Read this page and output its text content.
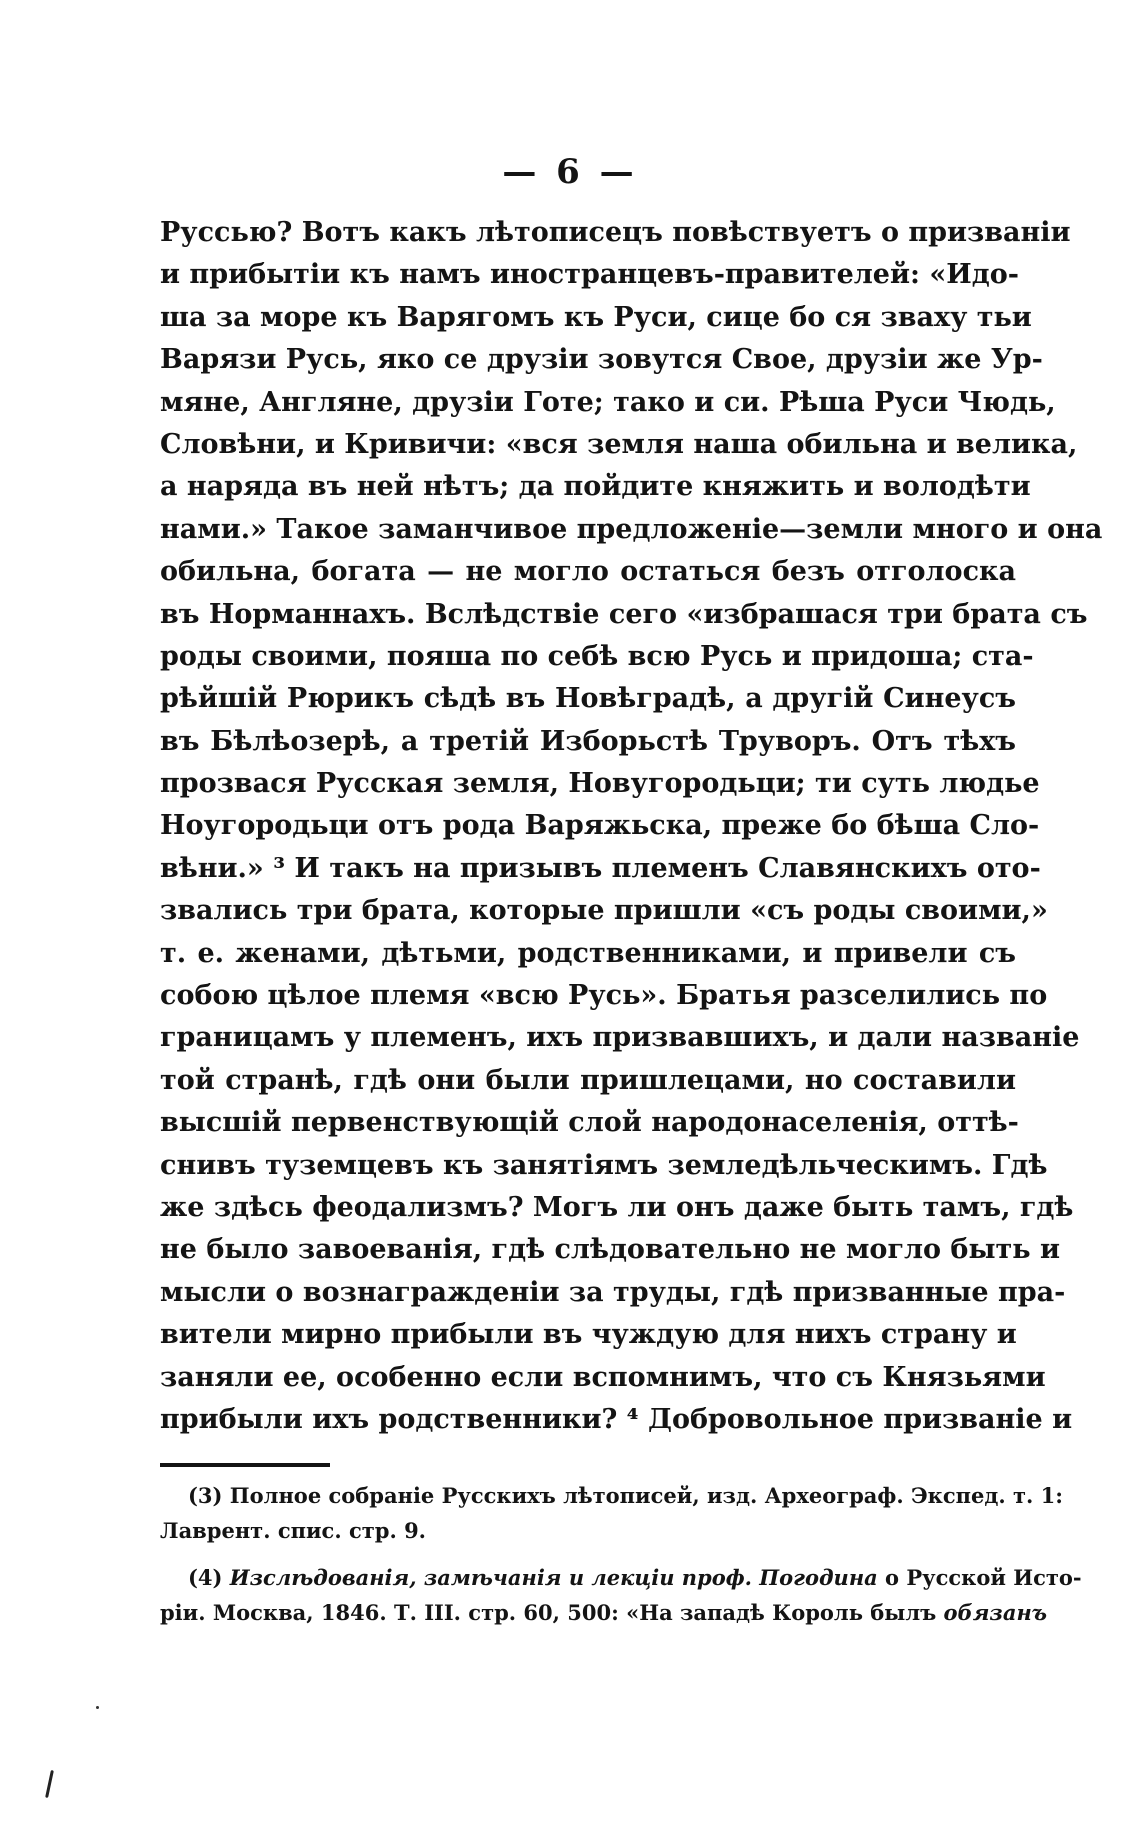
— 6 —
Руссью? Вотъ какъ лѣтописецъ повѣствуетъ о призваніи
и прибытіи къ намъ иностранцевъ-правителей: «Идо-
ша за море къ Варягомъ къ Руси, сице бо ся зваху тьи
Варязи Русь, яко се друзіи зовутся Свое, друзіи же Ур-
мяне, Англяне, друзіи Готе; тако и си. Рѣша Руси Чюдь,
Словѣни, и Кривичи: «вся земля наша обильна и велика,
а наряда въ ней нѣтъ; да пойдите княжить и володѣти
нами.» Такое заманчивое предложеніе—земли много и она
обильна, богата — не могло остаться безъ отголоска
въ Норманнахъ. Вслѣдствіе сего «избрашася три брата съ
роды своими, пояша по себѣ всю Русь и придоша; ста-
рѣйшій Рюрикъ сѣдѣ въ Новѣградѣ, а другій Синеусъ
въ Бѣлѣозерѣ, а третій Изборьстѣ Труворъ. Отъ тѣхъ
прозвася Русская земля, Новугородьци; ти суть людье
Ноугородьци отъ рода Варяжьска, преже бо бѣша Сло-
вѣни.» ³ И такъ на призывъ племенъ Славянскихъ ото-
звались три брата, которые пришли «съ роды своими,»
т. е. женами, дѣтьми, родственниками, и привели съ
собою цѣлое племя «всю Русь». Братья разселились по
границамъ у племенъ, ихъ призвавшихъ, и дали названіе
той странѣ, гдѣ они были пришлецами, но составили
высшій первенствующій слой народонаселенія, оттѣ-
снивъ туземцевъ къ занятіямъ земледѣльческимъ. Гдѣ
же здѣсь феодализмъ? Могъ ли онъ даже быть тамъ, гдѣ
не было завоеванія, гдѣ слѣдовательно не могло быть и
мысли о вознагражденіи за труды, гдѣ призванные пра-
вители мирно прибыли въ чуждую для нихъ страну и
заняли ее, особенно если вспомнимъ, что съ Князьями
прибыли ихъ родственники? ⁴ Добровольное призваніе и
(3) Полное собраніе Русскихъ лѣтописей, изд. Археограф. Экспед. т. 1:
Лаврент. спис. стр. 9.
(4) Изслѣдованія, замѣчанія и лекціи проф. Погодина о Русской Исто-
ріи. Москва, 1846. Т. III. стр. 60, 500: «На западѣ Король былъ обязанъ
